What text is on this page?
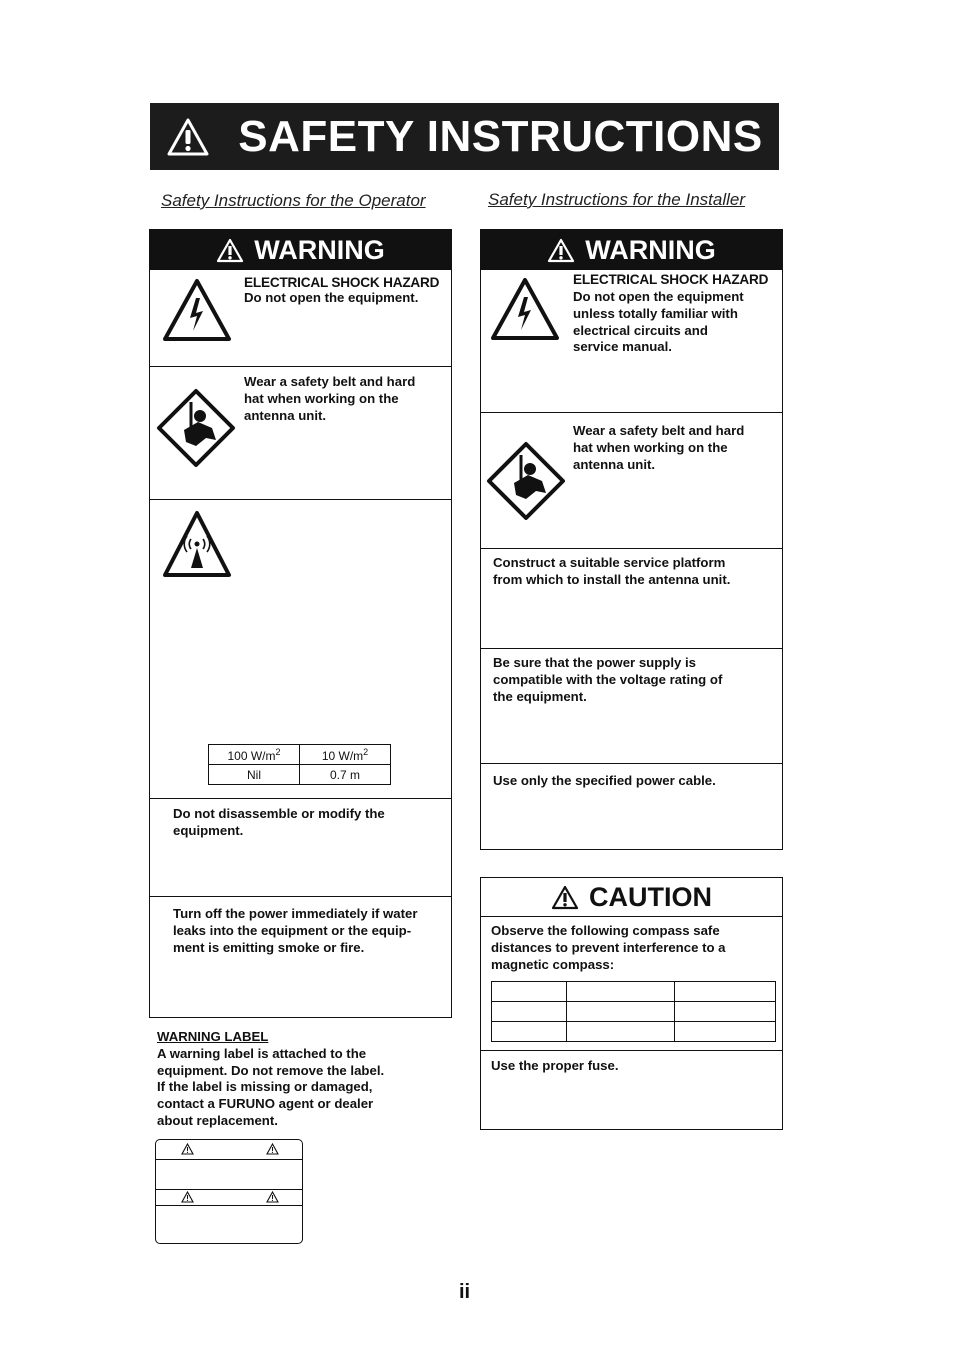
SAFETY INSTRUCTIONS
Safety Instructions for the Operator	Safety Instructions for the Installer
WARNING
ELECTRICAL SHOCK HAZARD
Do not open the equipment.
Wear a safety belt and hard
hat when working on the
antenna unit.
100 $W/m^2$	10 $W/m^2$
Nil	0.7 m
Do not disassemble or modify the
equipment.
Turn off the power immediately if water
leaks into the equipment or the equip-
ment is emitting smoke or fire.
WARNING LABEL
A warning label is attached to the
equipment. Do not remove the label.
If the label is missing or damaged,
contact a FURUNO agent or dealer
about replacement.
WARNING
ELECTRICAL SHOCK HAZARD
Do not open the equipment
unless totally familiar with
electrical circuits and
service manual.
Wear a safety belt and hard
hat when working on the
antenna unit.
Construct a suitable service platform
from which to install the antenna unit.
Be sure that the power supply is
compatible with the voltage rating of
the equipment.
Use only the specified power cable.
CAUTION
Observe the following compass safe
distances to prevent interference to a
magnetic compass:

Use the proper fuse.
ii
